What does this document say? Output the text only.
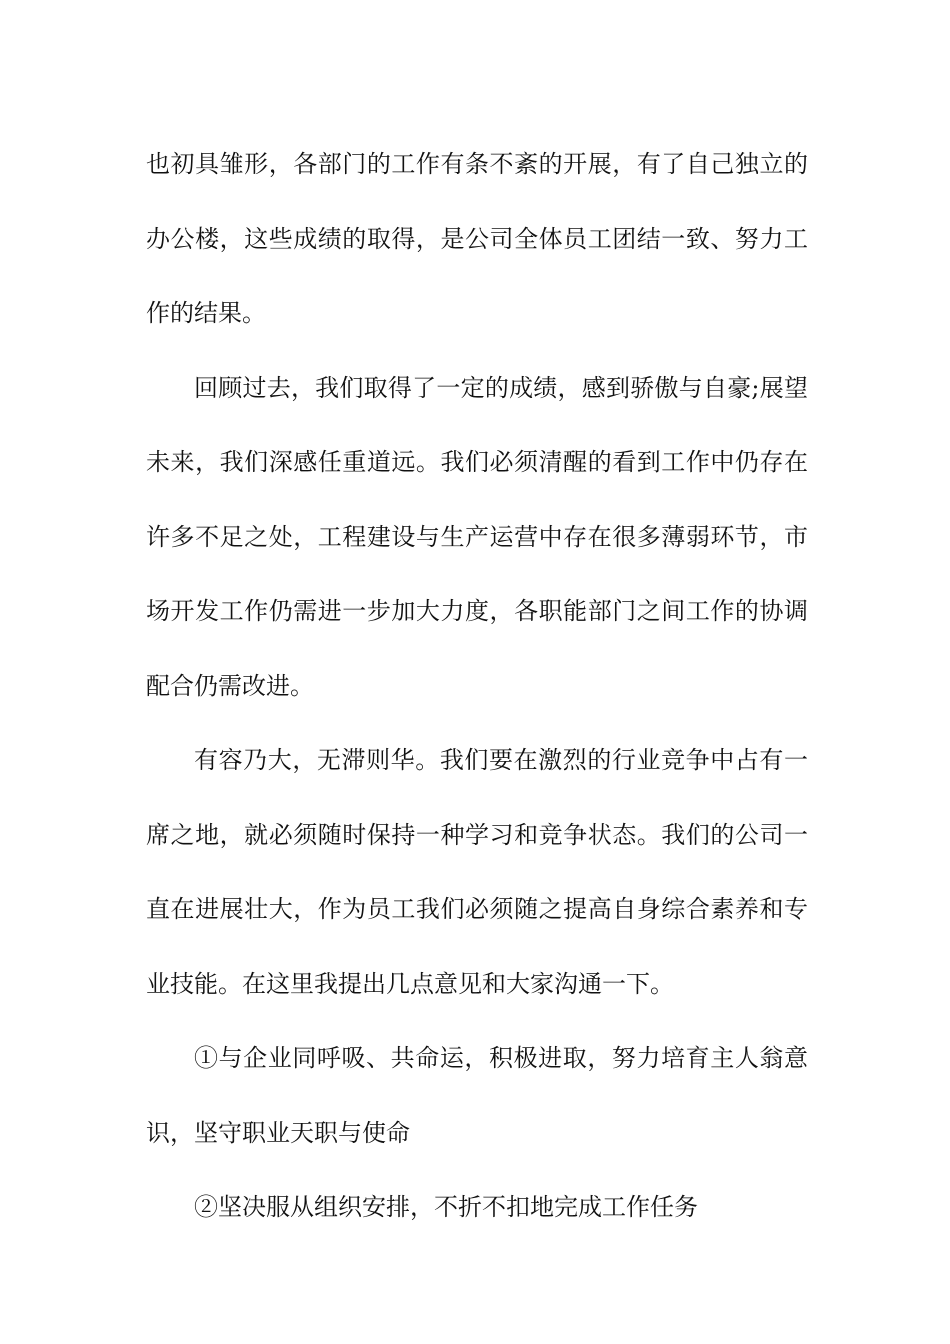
也初具雏形，各部门的工作有条不紊的开展，有了自己独立的
办公楼，这些成绩的取得，是公司全体员工团结一致、努力工
作的结果。
回顾过去，我们取得了一定的成绩，感到骄傲与自豪;展望
未来，我们深感任重道远。我们必须清醒的看到工作中仍存在
许多不足之处，工程建设与生产运营中存在很多薄弱环节，市
场开发工作仍需进一步加大力度，各职能部门之间工作的协调
配合仍需改进。
有容乃大，无滞则华。我们要在激烈的行业竞争中占有一
席之地，就必须随时保持一种学习和竞争状态。我们的公司一
直在进展壮大，作为员工我们必须随之提高自身综合素养和专
业技能。在这里我提出几点意见和大家沟通一下。
①与企业同呼吸、共命运，积极进取，努力培育主人翁意
识，坚守职业天职与使命
②坚决服从组织安排，不折不扣地完成工作任务
